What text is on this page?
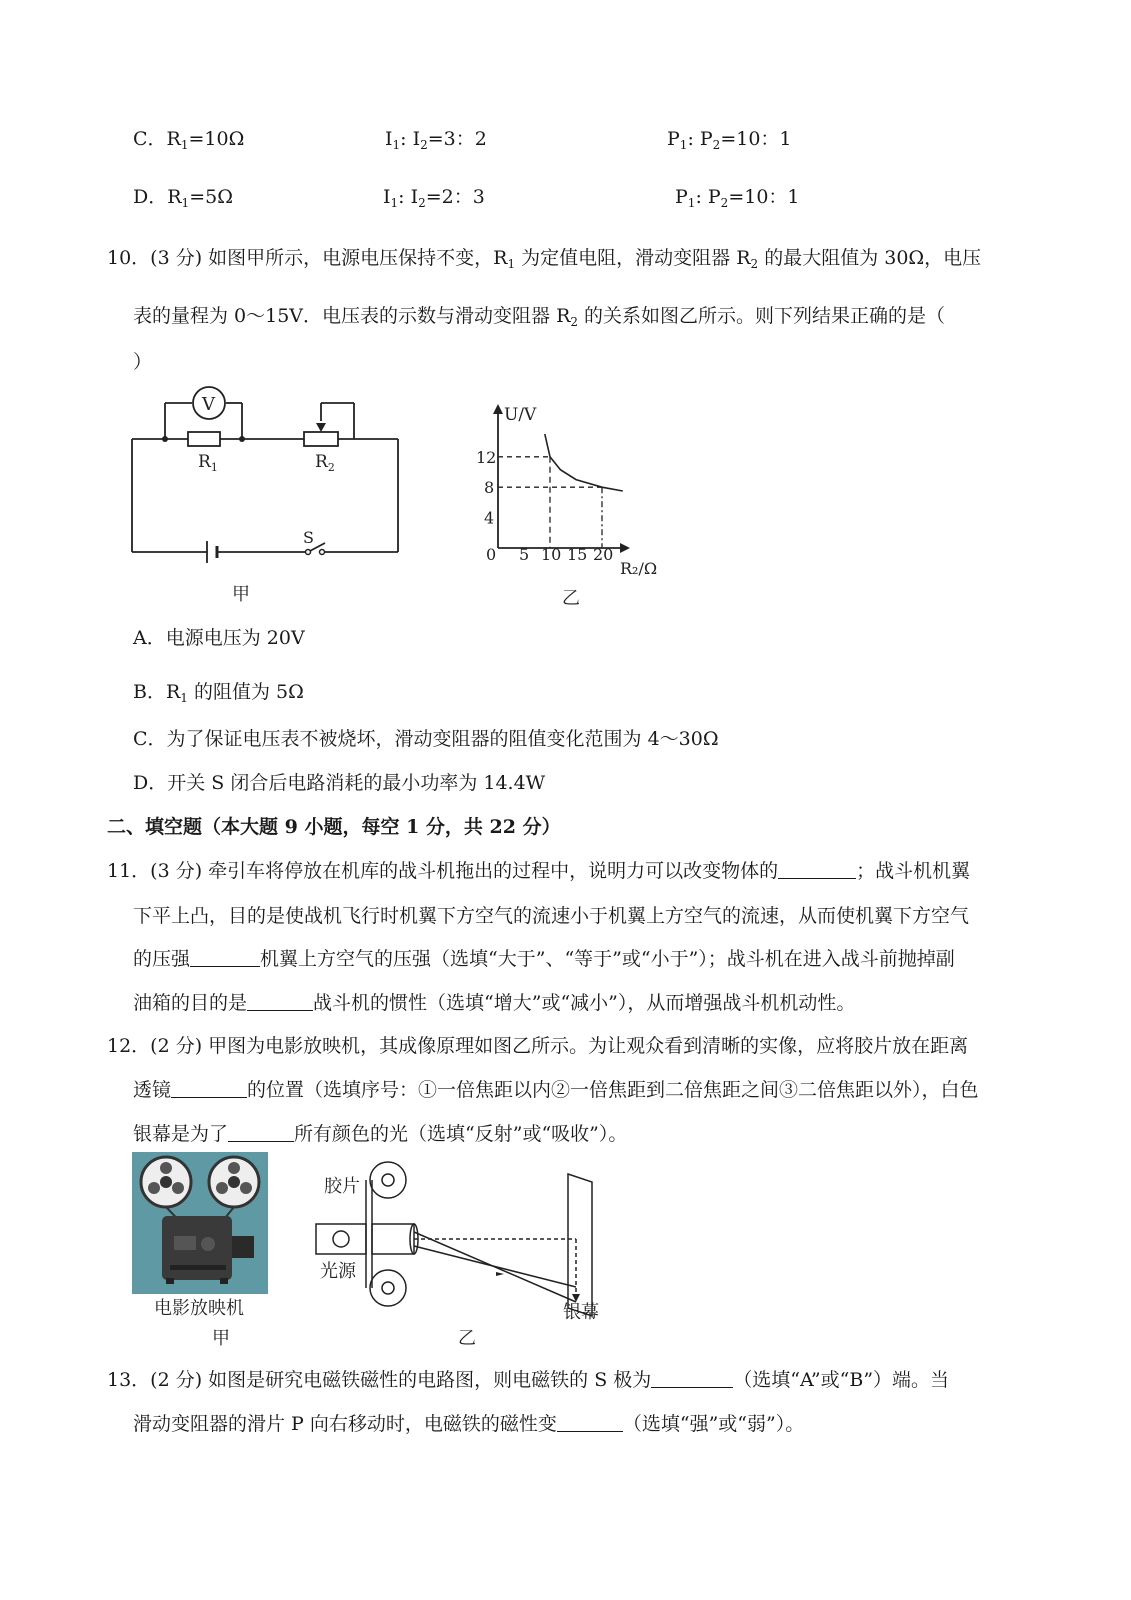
C．$R_1=10\Omega$	$I_1$: $I_2=3$：2	$P_1$: $P_2=10$：1
D．$R_1=5\Omega$	$I_1$: $I_2=2$：3	$P_1$: $P_2=10$：1
10．(3 分) 如图甲所示，电源电压保持不变，$R_1$ 为定值电阻，滑动变阻器 $R_2$ 的最大阻值为 30Ω，电压
表的量程为 0～15V．电压表的示数与滑动变阻器 $R_2$ 的关系如图乙所示。则下列结果正确的是（
）
V
$R_1$	$R_2$
S
甲
U/V
R₂/Ω
0 5 10 15 20
4
8
12
乙
A．电源电压为 20V
B．$R_1$ 的阻值为 5Ω
C．为了保证电压表不被烧坏，滑动变阻器的阻值变化范围为 4～30Ω
D．开关 S 闭合后电路消耗的最小功率为 14.4W
二、填空题（本大题 9 小题，每空 1 分，共 22 分）
11．(3 分) 牵引车将停放在机库的战斗机拖出的过程中，说明力可以改变物体的	；战斗机机翼
下平上凸，目的是使战机飞行时机翼下方空气的流速小于机翼上方空气的流速，从而使机翼下方空气
的压强	机翼上方空气的压强（选填“大于”、“等于”或“小于”）；战斗机在进入战斗前抛掉副
油箱的目的是	战斗机的惯性（选填“增大”或“减小”），从而增强战斗机机动性。
12．(2 分) 甲图为电影放映机，其成像原理如图乙所示。为让观众看到清晰的实像，应将胶片放在距离
透镜	的位置（选填序号：①一倍焦距以内②一倍焦距到二倍焦距之间③二倍焦距以外），白色
银幕是为了	所有颜色的光（选填“反射”或“吸收”）。
电影放映机
甲
胶片
光源
银幕
乙
13．(2 分) 如图是研究电磁铁磁性的电路图，则电磁铁的 S 极为	（选填“A”或“B”）端。当
滑动变阻器的滑片 P 向右移动时，电磁铁的磁性变	（选填“强”或“弱”）。
